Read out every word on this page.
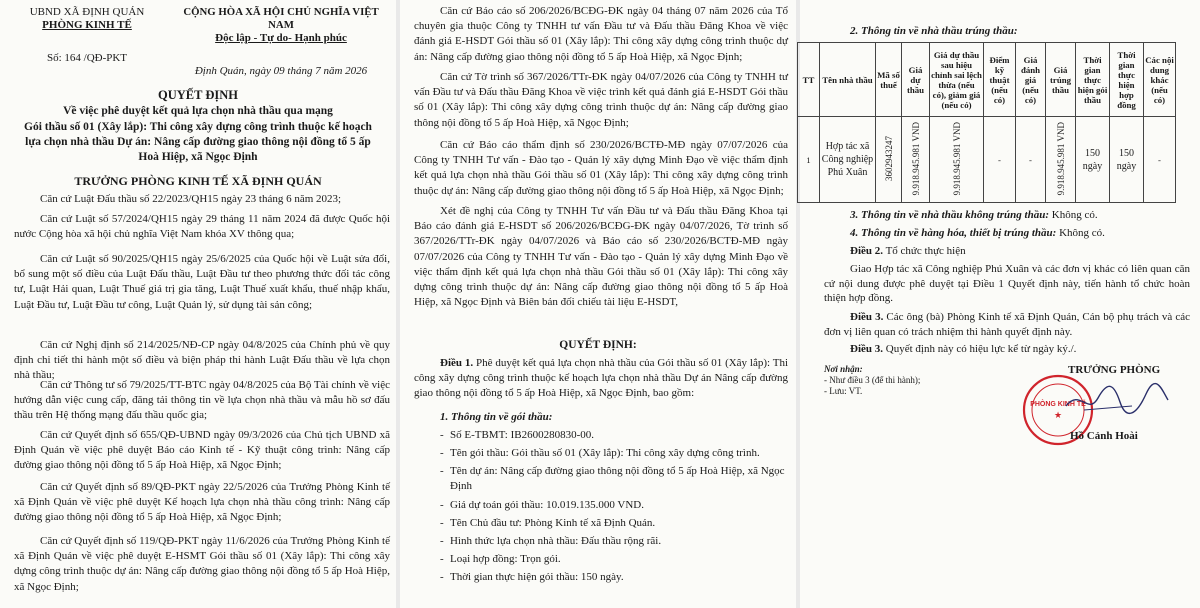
UBND XÃ ĐỊNH QUÁN
PHÒNG KINH TẾ
Số: 164 /QĐ-PKT
CỘNG HÒA XÃ HỘI CHỦ NGHĨA VIỆT NAM
Độc lập - Tự do- Hạnh phúc
Định Quán, ngày 09 tháng 7 năm 2026
QUYẾT ĐỊNH
Về việc phê duyệt kết quả lựa chọn nhà thầu qua mạng
Gói thầu số 01 (Xây lắp): Thi công xây dựng công trình thuộc kế hoạch lựa chọn nhà thầu Dự án: Nâng cấp đường giao thông nội đồng tổ 5 ấp Hoà Hiệp, xã Ngọc Định
TRƯỞNG PHÒNG KINH TẾ XÃ ĐỊNH QUÁN
Căn cứ Luật Đấu thầu số 22/2023/QH15 ngày 23 tháng 6 năm 2023;
Căn cứ Luật số 57/2024/QH15 ngày 29 tháng 11 năm 2024 đã được Quốc hội nước Cộng hòa xã hội chủ nghĩa Việt Nam khóa XV thông qua;
Căn cứ Luật số 90/2025/QH15 ngày 25/6/2025 của Quốc hội về Luật sửa đổi, bổ sung một số điều của Luật Đấu thầu, Luật Đầu tư theo phương thức đối tác công tư, Luật Hải quan, Luật Thuế giá trị gia tăng, Luật Thuế xuất khẩu, thuế nhập khẩu, Luật Đầu tư, Luật Đầu tư công, Luật Quản lý, sử dụng tài sản công;
Căn cứ Nghị định số 214/2025/NĐ-CP ngày 04/8/2025 của Chính phủ về quy định chi tiết thi hành một số điều và biện pháp thi hành Luật Đấu thầu về lựa chọn nhà thầu;
Căn cứ Thông tư số 79/2025/TT-BTC ngày 04/8/2025 của Bộ Tài chính về việc hướng dẫn việc cung cấp, đăng tải thông tin về lựa chọn nhà thầu và mẫu hồ sơ đấu thầu trên Hệ thống mạng đấu thầu quốc gia;
Căn cứ Quyết định số 655/QĐ-UBND ngày 09/3/2026 của Chủ tịch UBND xã Định Quán về việc phê duyệt Báo cáo Kinh tế - Kỹ thuật công trình: Nâng cấp đường giao thông nội đồng tổ 5 ấp Hoà Hiệp, xã Ngọc Định;
Căn cứ Quyết định số 89/QĐ-PKT ngày 22/5/2026 của Trưởng Phòng Kinh tế xã Định Quán về việc phê duyệt Kế hoạch lựa chọn nhà thầu công trình: Nâng cấp đường giao thông nội đồng tổ 5 ấp Hoà Hiệp, xã Ngọc Định;
Căn cứ Quyết định số 119/QĐ-PKT ngày 11/6/2026 của Trưởng Phòng Kinh tế xã Định Quán về việc phê duyệt E-HSMT Gói thầu số 01 (Xây lắp): Thi công xây dựng công trình thuộc dự án: Nâng cấp đường giao thông nội đồng tổ 5 ấp Hoà Hiệp, xã Ngọc Định;
Căn cứ Báo cáo số 206/2026/BCĐG-ĐK ngày 04 tháng 07 năm 2026 của Tổ chuyên gia thuộc Công ty TNHH tư vấn Đầu tư và Đấu thầu Đăng Khoa về việc đánh giá E-HSDT Gói thầu số 01 (Xây lắp): Thi công xây dựng công trình thuộc dự án: Nâng cấp đường giao thông nội đồng tổ 5 ấp Hoà Hiệp, xã Ngọc Định;
Căn cứ Tờ trình số 367/2026/TTr-ĐK ngày 04/07/2026 của Công ty TNHH tư vấn Đầu tư và Đấu thầu Đăng Khoa về việc trình kết quả đánh giá E-HSDT Gói thầu số 01 (Xây lắp): Thi công xây dựng công trình thuộc dự án: Nâng cấp đường giao thông nội đồng tổ 5 ấp Hoà Hiệp, xã Ngọc Định;
Căn cứ Báo cáo thẩm định số 230/2026/BCTĐ-MĐ ngày 07/07/2026 của Công ty TNHH Tư vấn - Đào tạo - Quản lý xây dựng Minh Đạo về việc thẩm định kết quả lựa chọn nhà thầu Gói thầu số 01 (Xây lắp): Thi công xây dựng công trình thuộc dự án: Nâng cấp đường giao thông nội đồng tổ 5 ấp Hoà Hiệp, xã Ngọc Định;
Xét đề nghị của Công ty TNHH Tư vấn Đầu tư và Đấu thầu Đăng Khoa tại Báo cáo đánh giá E-HSDT số 206/2026/BCĐG-ĐK ngày 04/07/2026, Tờ trình số 367/2026/TTr-ĐK ngày 04/07/2026 và Báo cáo số 230/2026/BCTĐ-MĐ ngày 07/07/2026 của Công ty TNHH Tư vấn - Đào tạo - Quản lý xây dựng Minh Đạo về việc thẩm định kết quả lựa chọn nhà thầu Gói thầu số 01 (Xây lắp): Thi công xây dựng công trình thuộc dự án: Nâng cấp đường giao thông nội đồng tổ 5 ấp Hoà Hiệp, xã Ngọc Định và Biên bản đối chiếu tài liệu E-HSDT,
QUYẾT ĐỊNH:
Điều 1. Phê duyệt kết quả lựa chọn nhà thầu của Gói thầu số 01 (Xây lắp): Thi công xây dựng công trình thuộc kế hoạch lựa chọn nhà thầu Dự án Nâng cấp đường giao thông nội đồng tổ 5 ấp Hoà Hiệp, xã Ngọc Định, bao gồm:
1. Thông tin về gói thầu:
- Số E-TBMT: IB2600280830-00.
- Tên gói thầu: Gói thầu số 01 (Xây lắp): Thi công xây dựng công trình.
- Tên dự án: Nâng cấp đường giao thông nội đồng tổ 5 ấp Hoà Hiệp, xã Ngọc Định
- Giá dự toán gói thầu: 10.019.135.000 VND.
- Tên Chủ đầu tư: Phòng Kinh tế xã Định Quán.
- Hình thức lựa chọn nhà thầu: Đấu thầu rộng rãi.
- Loại hợp đồng: Trọn gói.
- Thời gian thực hiện gói thầu: 150 ngày.
2. Thông tin về nhà thầu trúng thầu:
TT	Tên nhà thầu	Mã số thuế	Giá dự thầu	Giá dự thầu sau hiệu chỉnh sai lệch thừa (nếu có), giảm giá (nếu có)	Điểm kỹ thuật (nếu có)	Giá đánh giá (nếu có)	Giá trúng thầu	Thời gian thực hiện gói thầu	Thời gian thực hiện hợp đồng	Các nội dung khác (nếu có)
1	Hợp tác xã Công nghiệp Phú Xuân	3602943247	9.918.945.981 VND	9.918.945.981 VND	-	-	9.918.945.981 VND	150 ngày	150 ngày	-
3. Thông tin về nhà thầu không trúng thầu: Không có.
4. Thông tin về hàng hóa, thiết bị trúng thầu: Không có.
Điều 2. Tổ chức thực hiện
Giao Hợp tác xã Công nghiệp Phú Xuân và các đơn vị khác có liên quan căn cứ nội dung được phê duyệt tại Điều 1 Quyết định này, tiến hành tổ chức hoàn thiện hợp đồng.
Điều 3. Các ông (bà) Phòng Kinh tế xã Định Quán, Cán bộ phụ trách và các đơn vị liên quan có trách nhiệm thi hành quyết định này.
Điều 3. Quyết định này có hiệu lực kể từ ngày ký./.
Nơi nhận:
- Như điều 3 (để thi hành);
- Lưu: VT.
TRƯỞNG PHÒNG
PHÒNG KINH TẾ
★
Hồ Cảnh Hoài
